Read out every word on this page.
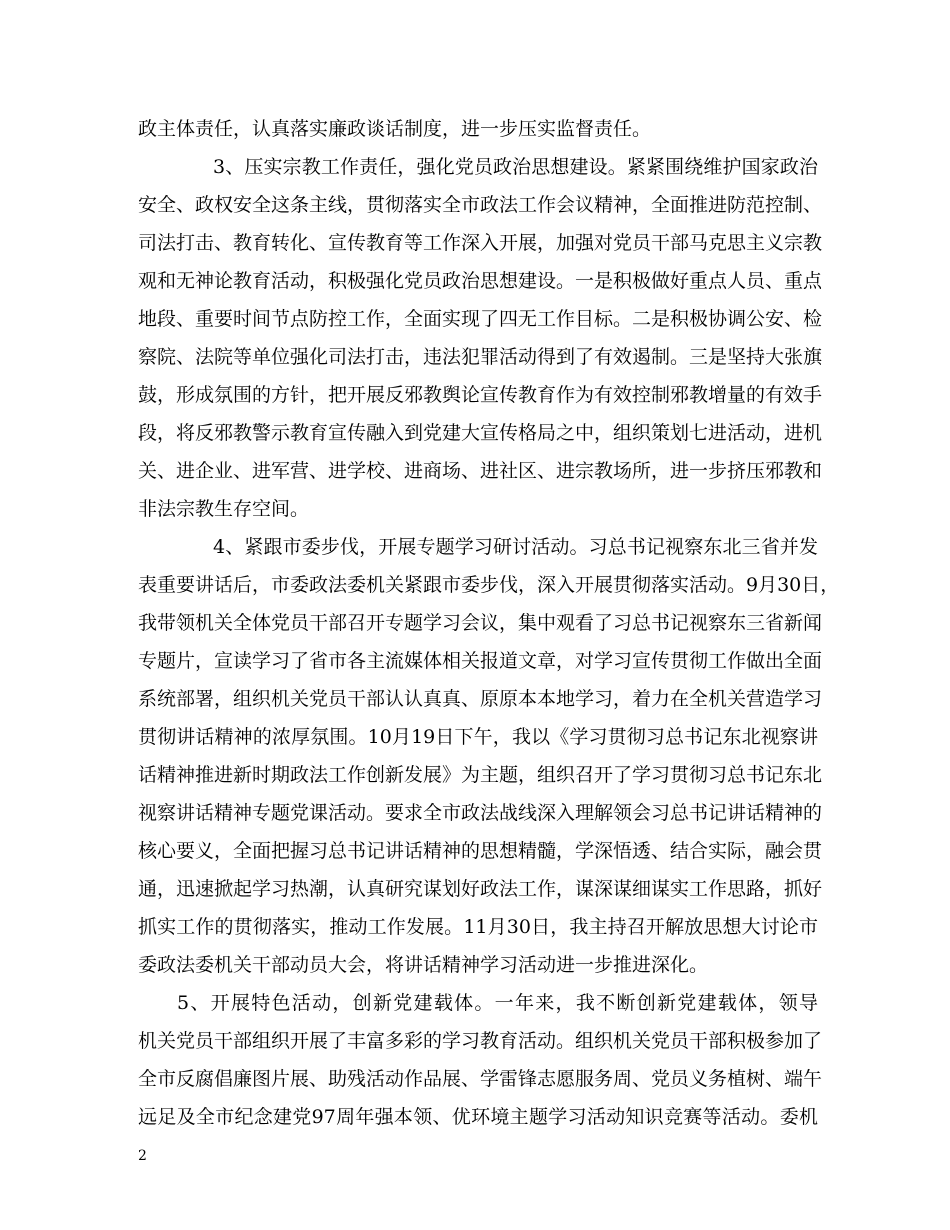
政主体责任，认真落实廉政谈话制度，进一步压实监督责任。
3、压实宗教工作责任，强化党员政治思想建设。紧紧围绕维护国家政治
安全、政权安全这条主线，贯彻落实全市政法工作会议精神，全面推进防范控制、
司法打击、教育转化、宣传教育等工作深入开展，加强对党员干部马克思主义宗教
观和无神论教育活动，积极强化党员政治思想建设。一是积极做好重点人员、重点
地段、重要时间节点防控工作，全面实现了四无工作目标。二是积极协调公安、检
察院、法院等单位强化司法打击，违法犯罪活动得到了有效遏制。三是坚持大张旗
鼓，形成氛围的方针，把开展反邪教舆论宣传教育作为有效控制邪教增量的有效手
段，将反邪教警示教育宣传融入到党建大宣传格局之中，组织策划七进活动，进机
关、进企业、进军营、进学校、进商场、进社区、进宗教场所，进一步挤压邪教和
非法宗教生存空间。
4、紧跟市委步伐，开展专题学习研讨活动。习总书记视察东北三省并发
表重要讲话后，市委政法委机关紧跟市委步伐，深入开展贯彻落实活动。9月30日，
我带领机关全体党员干部召开专题学习会议，集中观看了习总书记视察东三省新闻
专题片，宣读学习了省市各主流媒体相关报道文章，对学习宣传贯彻工作做出全面
系统部署，组织机关党员干部认认真真、原原本本地学习，着力在全机关营造学习
贯彻讲话精神的浓厚氛围。10月19日下午，我以《学习贯彻习总书记东北视察讲
话精神推进新时期政法工作创新发展》为主题，组织召开了学习贯彻习总书记东北
视察讲话精神专题党课活动。要求全市政法战线深入理解领会习总书记讲话精神的
核心要义，全面把握习总书记讲话精神的思想精髓，学深悟透、结合实际，融会贯
通，迅速掀起学习热潮，认真研究谋划好政法工作，谋深谋细谋实工作思路，抓好
抓实工作的贯彻落实，推动工作发展。11月30日，我主持召开解放思想大讨论市
委政法委机关干部动员大会，将讲话精神学习活动进一步推进深化。
5、开展特色活动，创新党建载体。一年来，我不断创新党建载体，领导
机关党员干部组织开展了丰富多彩的学习教育活动。组织机关党员干部积极参加了
全市反腐倡廉图片展、助残活动作品展、学雷锋志愿服务周、党员义务植树、端午
远足及全市纪念建党97周年强本领、优环境主题学习活动知识竞赛等活动。委机
2
